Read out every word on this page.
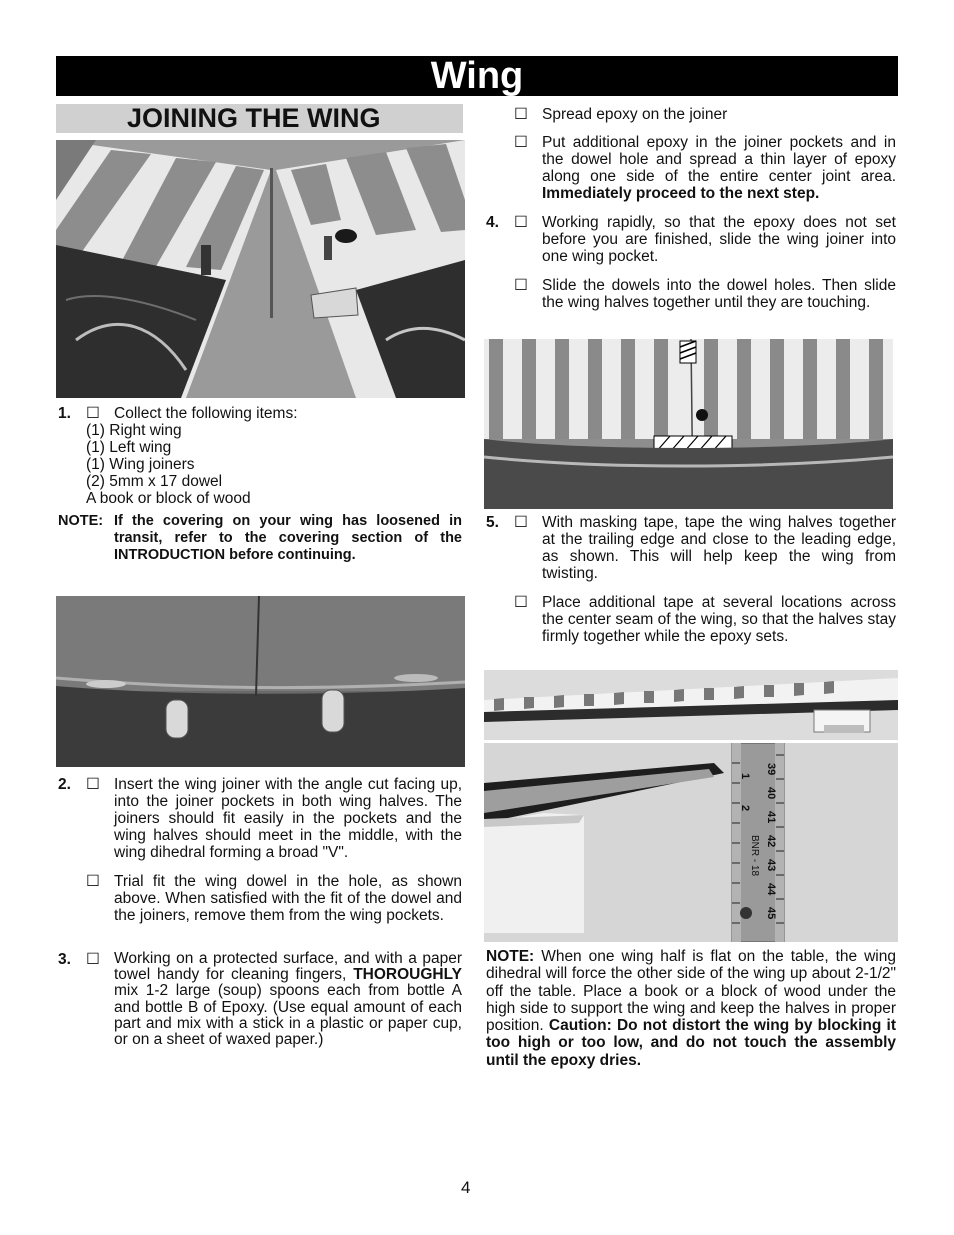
Wing
JOINING THE WING
1. ☐ Collect the following items:
(1) Right wing
(1) Left wing
(1) Wing joiners
(2) 5mm x 17 dowel
A book or block of wood
NOTE: If the covering on your wing has loosened in transit, refer to the covering section of the INTRODUCTION before continuing.
2. ☐ Insert the wing joiner with the angle cut facing up, into the joiner pockets in both wing halves. The joiners should fit easily in the pockets and the wing halves should meet in the middle, with the wing dihedral forming a broad "V".
☐ Trial fit the wing dowel in the hole, as shown above. When satisfied with the fit of the dowel and the joiners, remove them from the wing pockets.
3. ☐ Working on a protected surface, and with a paper towel handy for cleaning fingers, THOROUGHLY mix 1-2 large (soup) spoons each from bottle A and bottle B of Epoxy. (Use equal amount of each part and mix with a stick in a plastic or paper cup, or on a sheet of waxed paper.)
☐ Spread epoxy on the joiner
☐ Put additional epoxy in the joiner pockets and in the dowel hole and spread a thin layer of epoxy along one side of the entire center joint area. Immediately proceed to the next step.
4. ☐ Working rapidly, so that the epoxy does not set before you are finished, slide the wing joiner into one wing pocket.
☐ Slide the dowels into the dowel holes. Then slide the wing halves together until they are touching.
5. ☐ With masking tape, tape the wing halves together at the trailing edge and close to the leading edge, as shown. This will help keep the wing from twisting.
☐ Place additional tape at several locations across the center seam of the wing, so that the halves stay firmly together while the epoxy sets.
39
40
41
42
43
44
45
1
2
BNR - 18
NOTE: When one wing half is flat on the table, the wing dihedral will force the other side of the wing up about 2-1/2" off the table. Place a book or a block of wood under the high side to support the wing and keep the halves in proper position. Caution: Do not distort the wing by blocking it too high or too low, and do not touch the assembly until the epoxy dries.
4
